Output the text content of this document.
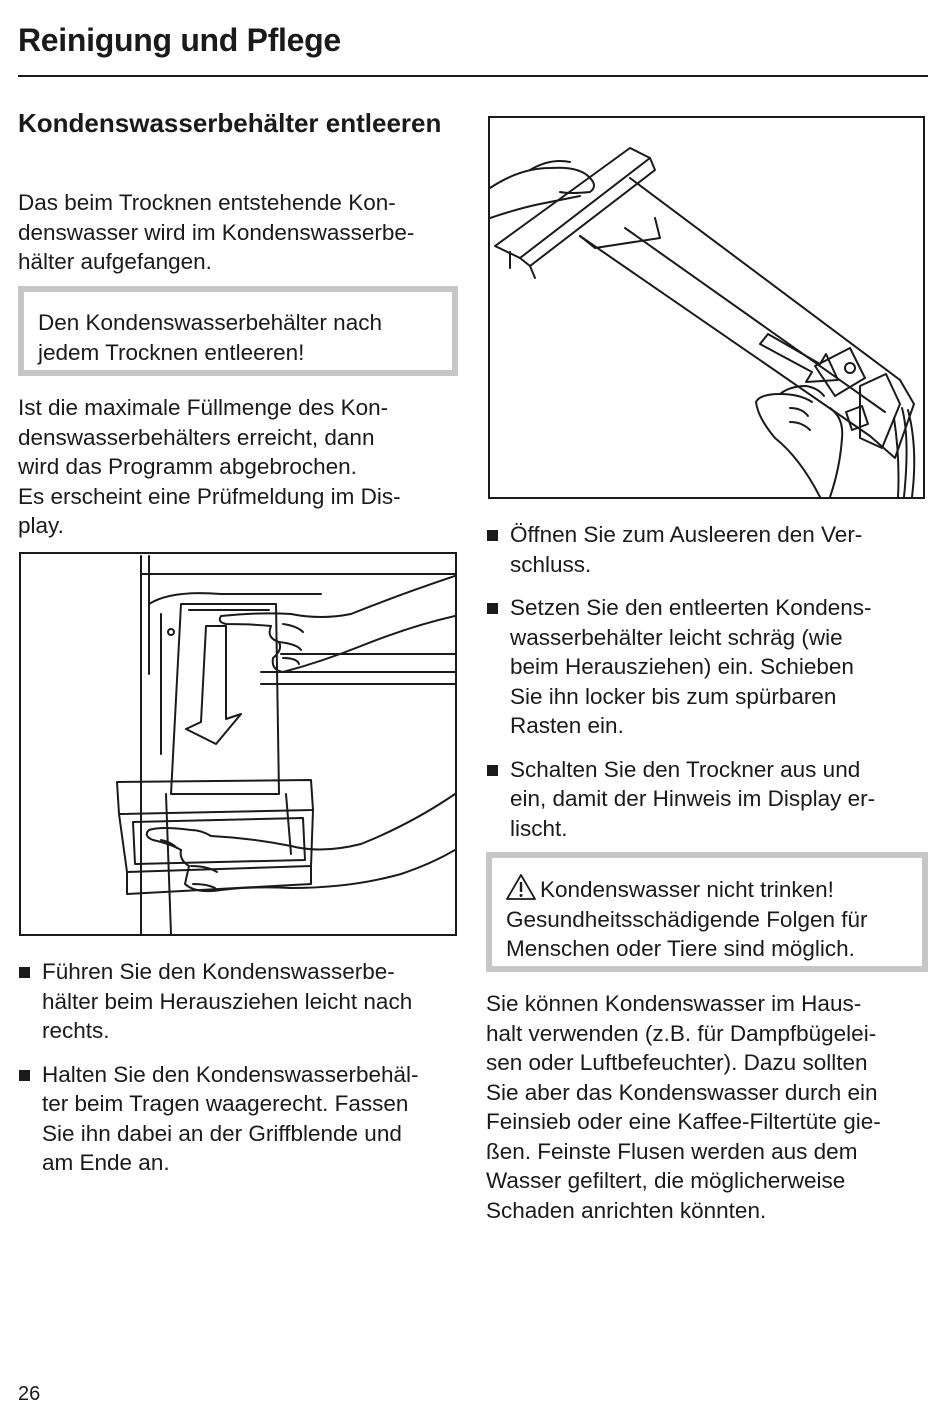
Reinigung und Pflege
Kondenswasserbehälter entleeren
Das beim Trocknen entstehende Kon-
denswasser wird im Kondenswasserbe-
hälter aufgefangen.
Den Kondenswasserbehälter nach
jedem Trocknen entleeren!
Ist die maximale Füllmenge des Kon-
denswasserbehälters erreicht, dann
wird das Programm abgebrochen.
Es erscheint eine Prüfmeldung im Dis-
play.
Führen Sie den Kondenswasserbe-
hälter beim Herausziehen leicht nach
rechts.
Halten Sie den Kondenswasserbehäl-
ter beim Tragen waagerecht. Fassen
Sie ihn dabei an der Griffblende und
am Ende an.
Öffnen Sie zum Ausleeren den Ver-
schluss.
Setzen Sie den entleerten Kondens-
wasserbehälter leicht schräg (wie
beim Herausziehen) ein. Schieben
Sie ihn locker bis zum spürbaren
Rasten ein.
Schalten Sie den Trockner aus und
ein, damit der Hinweis im Display er-
lischt.
Kondenswasser nicht trinken!
Gesundheitsschädigende Folgen für
Menschen oder Tiere sind möglich.
Sie können Kondenswasser im Haus-
halt verwenden (z.B. für Dampfbügelei-
sen oder Luftbefeuchter). Dazu sollten
Sie aber das Kondenswasser durch ein
Feinsieb oder eine Kaffee-Filtertüte gie-
ßen. Feinste Flusen werden aus dem
Wasser gefiltert, die möglicherweise
Schaden anrichten könnten.
26
